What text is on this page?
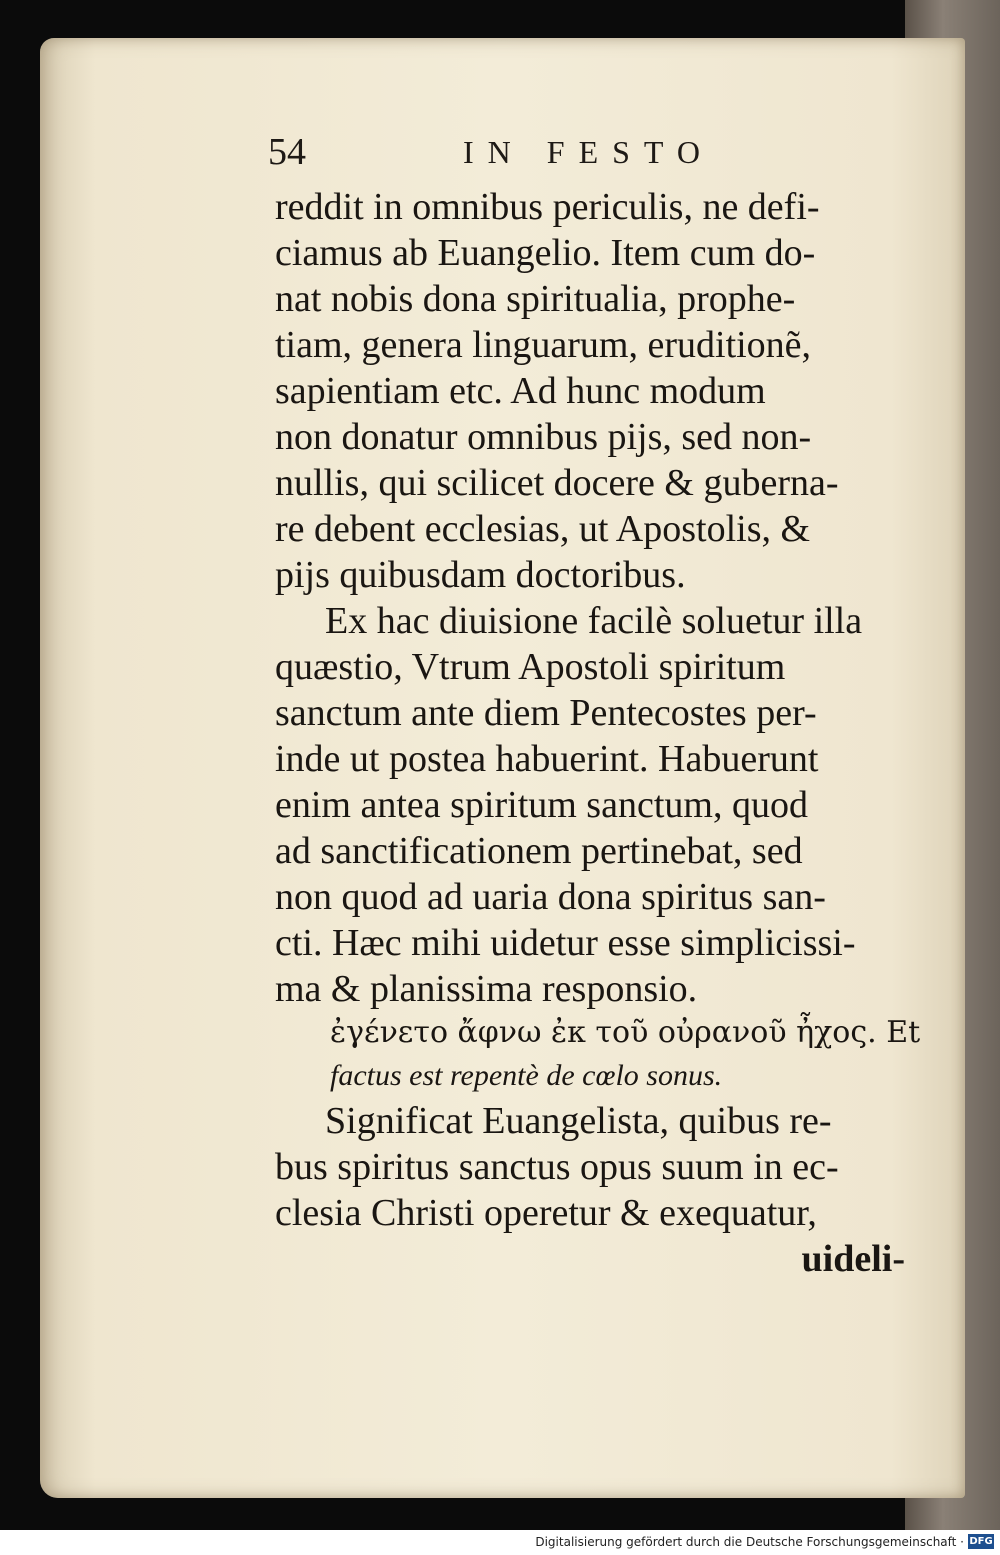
54	IN FESTO
reddit in omnibus periculis, ne defi-
ciamus ab Euangelio. Item cum do-
nat nobis dona spiritualia, prophe-
tiam, genera linguarum, eruditionẽ,
sapientiam etc. Ad hunc modum
non donatur omnibus pijs, sed non-
nullis, qui scilicet docere & guberna-
re debent ecclesias, ut Apostolis, &
pijs quibusdam doctoribus.
Ex hac diuisione facilè soluetur illa
quæstio, Vtrum Apostoli spiritum
sanctum ante diem Pentecostes per-
inde ut postea habuerint. Habuerunt
enim antea spiritum sanctum, quod
ad sanctificationem pertinebat, sed
non quod ad uaria dona spiritus san-
cti. Hæc mihi uidetur esse simplicissi-
ma & planissima responsio.
ἐγένετο ἄφνω ἐκ τοῦ οὐρανοῦ ἦχος. Et
factus est repentè de cœlo sonus.
Significat Euangelista, quibus re-
bus spiritus sanctus opus suum in ec-
clesia Christi operetur & exequatur,
uideli-
Digitalisierung gefördert durch die Deutsche Forschungsgemeinschaft · DFG
